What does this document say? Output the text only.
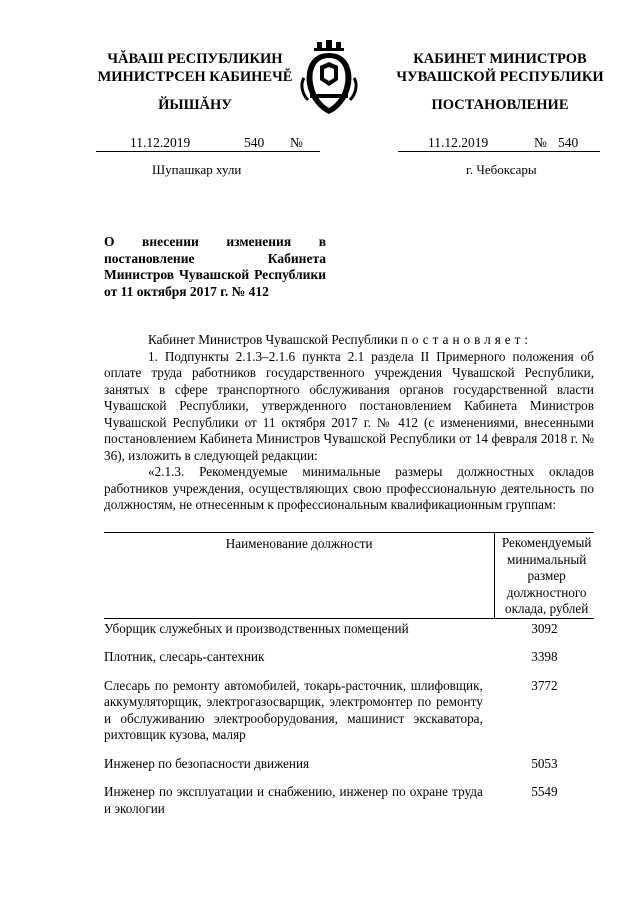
ЧĂВАШ РЕСПУБЛИКИН
МИНИСТРСЕН КАБИНЕЧĔ
ЙЫШĂНУ
КАБИНЕТ МИНИСТРОВ
ЧУВАШСКОЙ РЕСПУБЛИКИ
ПОСТАНОВЛЕНИЕ
11.12.2019	540 №	11.12.2019	№ 540
Шупашкар хули	г. Чебоксары
О внесении изменения в постановление Кабинета Министров Чувашской Республики от 11 октября 2017 г. № 412
Кабинет Министров Чувашской Республики постановляет:
1. Подпункты 2.1.3–2.1.6 пункта 2.1 раздела II Примерного положения об оплате труда работников государственного учреждения Чувашской Республики, занятых в сфере транспортного обслуживания органов государственной власти Чувашской Республики, утвержденного постановлением Кабинета Министров Чувашской Республики от 11 октября 2017 г. № 412 (с изменениями, внесенными постановлением Кабинета Министров Чувашской Республики от 14 февраля 2018 г. № 36), изложить в следующей редакции:
«2.1.3. Рекомендуемые минимальные размеры должностных окладов работников учреждения, осуществляющих свою профессиональную деятельность по должностям, не отнесенным к профессиональным квалификационным группам:
Наименование должности	Рекомендуемый минимальный размер должностного оклада, рублей
Уборщик служебных и производственных помещений	3092
Плотник, слесарь-сантехник	3398
Слесарь по ремонту автомобилей, токарь-расточник, шлифовщик, аккумуляторщик, электрогазосварщик, электромонтер по ремонту и обслуживанию электрооборудования, машинист экскаватора, рихтовщик кузова, маляр	3772
Инженер по безопасности движения	5053
Инженер по эксплуатации и снабжению, инженер по охране труда и экологии	5549
